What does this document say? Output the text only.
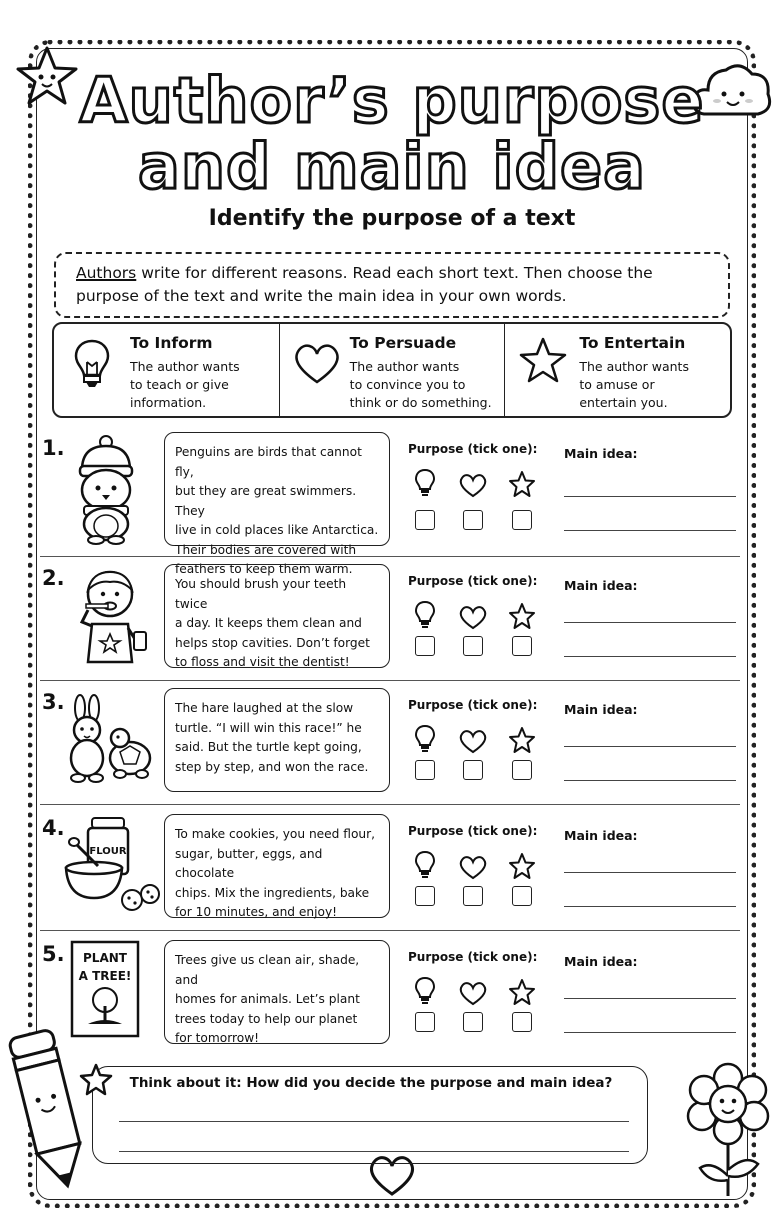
Author’s purpose
and main idea
Identify the purpose of a text
Authors write for different reasons. Read each short text. Then choose the
purpose of the text and write the main idea in your own words.
To Inform
The author wants
to teach or give
information.
To Persuade
The author wants
to convince you to
think or do something.
To Entertain
The author wants
to amuse or
entertain you.
1.	Penguins are birds that cannot fly,
but they are great swimmers. They
live in cold places like Antarctica.
Their bodies are covered with
feathers to keep them warm.
Purpose (tick one): Main idea:
2.	You should brush your teeth twice
a day. It keeps them clean and
helps stop cavities. Don’t forget
to floss and visit the dentist!
Purpose (tick one): Main idea:
3.	The hare laughed at the slow
turtle. “I will win this race!” he
said. But the turtle kept going,
step by step, and won the race.
Purpose (tick one): Main idea:
4.
FLOUR
To make cookies, you need flour,
sugar, butter, eggs, and chocolate
chips. Mix the ingredients, bake
for 10 minutes, and enjoy!
Purpose (tick one): Main idea:
5. PLANT
A TREE!
Trees give us clean air, shade, and
homes for animals. Let’s plant
trees today to help our planet
for tomorrow!
Purpose (tick one): Main idea:
Think about it: How did you decide the purpose and main idea?
